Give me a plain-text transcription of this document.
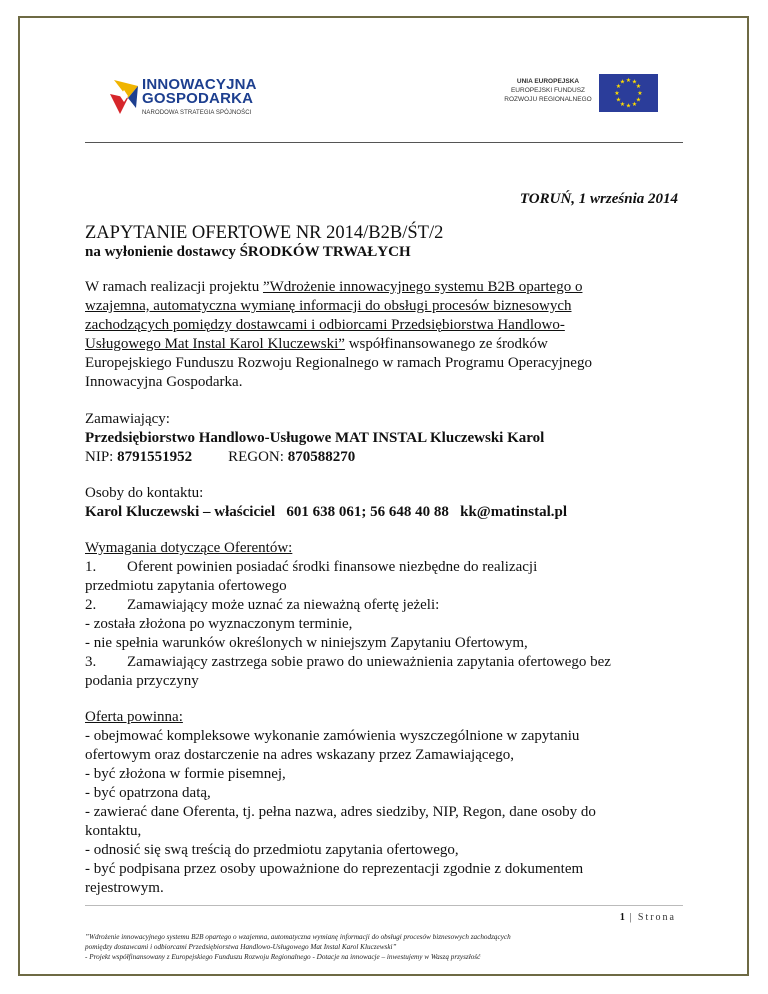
INNOWACYJNA
GOSPODARKA
NARODOWA STRATEGIA SPÓJNOŚCI
UNIA EUROPEJSKA
EUROPEJSKI FUNDUSZ
ROZWOJU REGIONALNEGO
★ ★
★
★
★
★
★
★
★
★
★
★
TORUŃ, 1 września 2014
ZAPYTANIE OFERTOWE NR 2014/B2B/ŚT/2
na wyłonienie dostawcy ŚRODKÓW TRWAŁYCH
W ramach realizacji projektu ”Wdrożenie innowacyjnego systemu B2B opartego o
wzajemna, automatyczna wymianę informacji do obsługi procesów biznesowych
zachodzących pomiędzy dostawcami i odbiorcami Przedsiębiorstwa Handlowo-
Usługowego Mat Instal Karol Kluczewski” współfinansowanego ze środków
Europejskiego Funduszu Rozwoju Regionalnego w ramach Programu Operacyjnego
Innowacyjna Gospodarka.
Zamawiający:
Przedsiębiorstwo Handlowo-Usługowe MAT INSTAL Kluczewski Karol
NIP: 8791551952 REGON: 870588270
Osoby do kontaktu:
Karol Kluczewski – właściciel   601 638 061; 56 648 40 88   kk@matinstal.pl
Wymagania dotyczące Oferentów:
1. Oferent powinien posiadać środki finansowe niezbędne do realizacji
przedmiotu zapytania ofertowego
2. Zamawiający może uznać za nieważną ofertę jeżeli:
- została złożona po wyznaczonym terminie,
- nie spełnia warunków określonych w niniejszym Zapytaniu Ofertowym,
3. Zamawiający zastrzega sobie prawo do unieważnienia zapytania ofertowego bez
podania przyczyny
Oferta powinna:
- obejmować kompleksowe wykonanie zamówienia wyszczególnione w zapytaniu
ofertowym oraz dostarczenie na adres wskazany przez Zamawiającego,
- być złożona w formie pisemnej,
- być opatrzona datą,
- zawierać dane Oferenta, tj. pełna nazwa, adres siedziby, NIP, Regon, dane osoby do
kontaktu,
- odnosić się swą treścią do przedmiotu zapytania ofertowego,
- być podpisana przez osoby upoważnione do reprezentacji zgodnie z dokumentem
rejestrowym.
1 | Strona
”Wdrożenie innowacyjnego systemu B2B opartego o wzajemna, automatyczna wymianę informacji do obsługi procesów biznesowych zachodzących
pomiędzy dostawcami i odbiorcami Przedsiębiorstwa Handlowo-Usługowego Mat Instal Karol Kluczewski”
- Projekt współfinansowany z Europejskiego Funduszu Rozwoju Regionalnego - Dotacje na innowacje – inwestujemy w Waszą przyszłość
